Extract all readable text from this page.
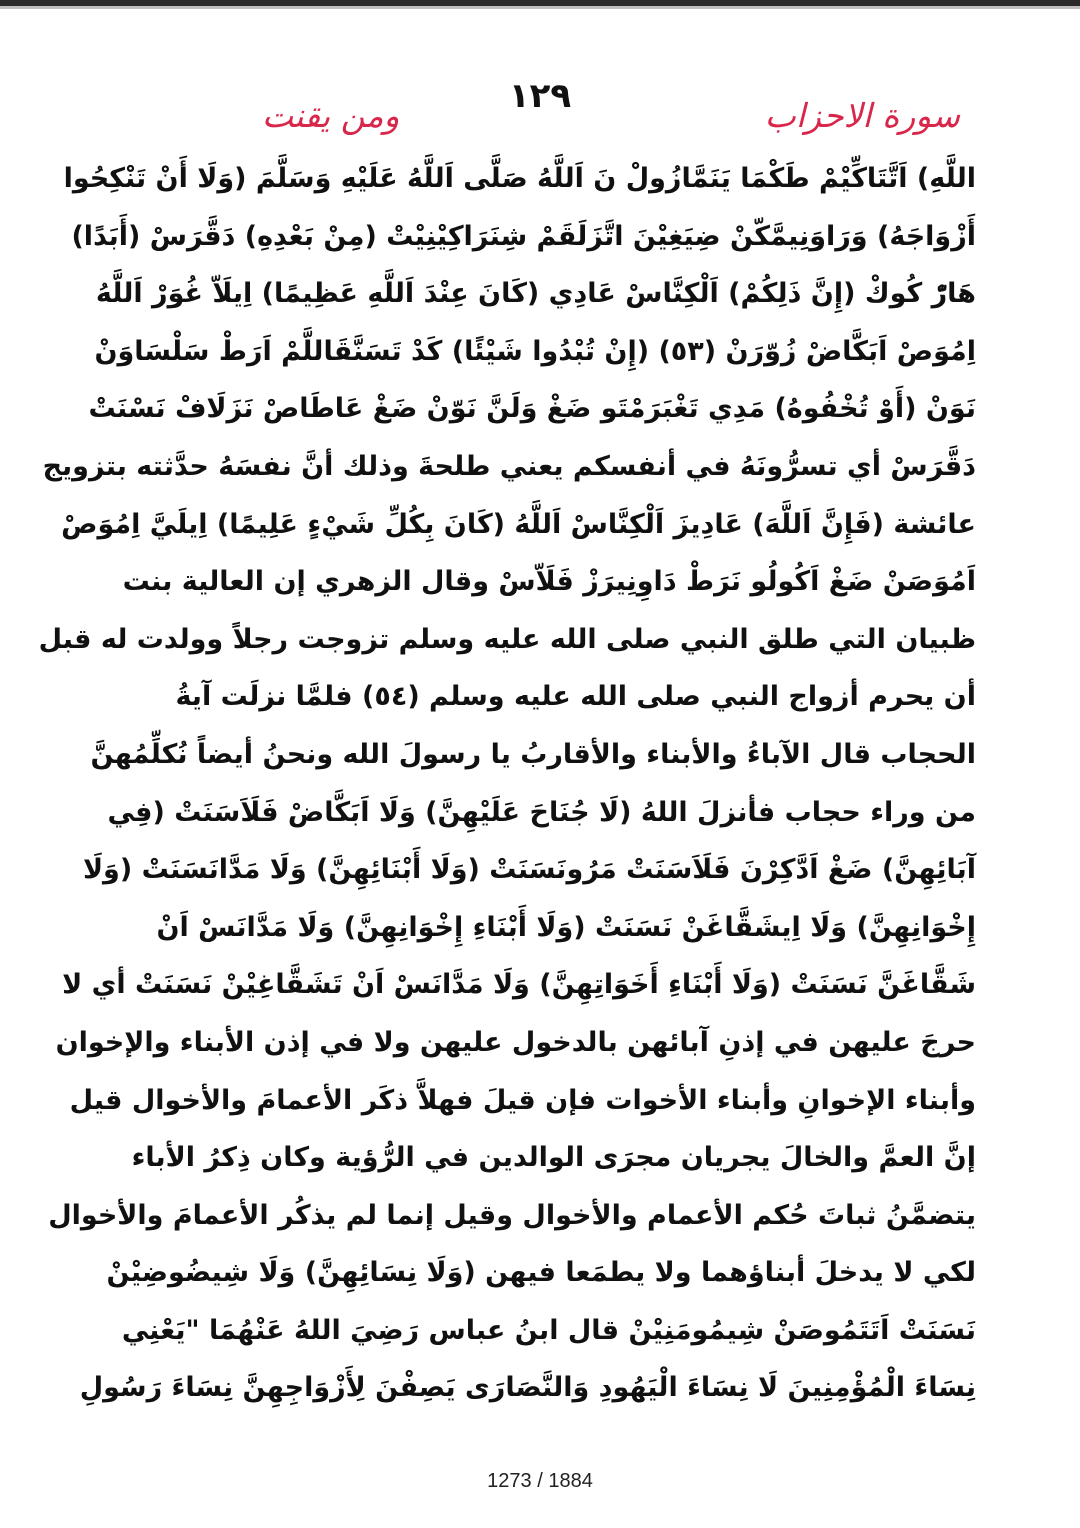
١٢٩	سورة الاحزاب
ومن يقنت
اللَّهِ) اَتَّتَاكِّيْمْ طَكْمَا يَنَمَّازُولْ نَ اَللَّهُ صَلَّى اَللَّهُ عَلَيْهِ وَسَلَّمَ (وَلَا أَنْ تَنْكِحُوا
أَزْوَاجَهُ) وَرَاوَنِيمَّكّنْ ضِيَغِيْنَ اتَّزَلَقَمْ شِنَرَاكِيْنِيْتْ (مِنْ بَعْدِهِ) دَقَّرَسْ (أَبَدًا)
هَارّْ كُوكْ (إِنَّ ذَلِكُمْ) اَلْكِنَّاسْ عَادِي (كَانَ عِنْدَ اَللَّهِ عَظِيمًا) اِيلَاّ غُوَرْ اَللَّهُ
اِمُوَصْ اَبَكَّاضْ زُوّرَنْ (٥٣) (إِنْ تُبْدُوا شَيْئًا) كَدْ تَسَنَّقَاللَّمْ اَرَطْ سَلْسَاوَنْ
نَوَنْ (أَوْ تُخْفُوهُ) مَدِي تَغْبَرَمْتَو ضَغْ وَلَنَّ نَوّنْ ضَغْ عَاطَاصْ نَزَلَافْ نَسْنَتْ
دَقَّرَسْ أي تسرُّونَهُ في أنفسكم يعني طلحةَ وذلك أنَّ نفسَهُ حدَّثته بتزويج
عائشة (فَإِنَّ اَللَّهَ) عَادِيزَ اَلْكِنَّاسْ اَللَّهُ (كَانَ بِكُلِّ شَيْءٍ عَلِيمًا) اِيلَيَّ اِمُوَصْ
اَمُوَصَنْ ضَغْ اَكُولُو نَرَطْ دَاوِنِيرَزْ فَلَاّسْ وقال الزهري إن العالية بنت
ظبيان التي طلق النبي صلى الله عليه وسلم تزوجت رجلاً وولدت له قبل
أن يحرم أزواج النبي صلى الله عليه وسلم (٥٤) فلمَّا نزلَت آيةُ
الحجاب قال الآباءُ والأبناء والأقاربُ يا رسولَ الله ونحنُ أيضاً نُكلِّمُهنَّ
من وراء حجاب فأنزلَ اللهُ (لَا جُنَاحَ عَلَيْهِنَّ) وَلَا اَبَكَّاضْ فَلَاَسَنَتْ (فِي
آبَائِهِنَّ) ضَغْ اَدَّكِرْنَ فَلَاَسَنَتْ مَرُونَسَنَتْ (وَلَا أَبْنَائِهِنَّ) وَلَا مَدَّانَسَنَتْ (وَلَا
إِخْوَانِهِنَّ) وَلَا اِيشَقَّاغَنْ نَسَنَتْ (وَلَا أَبْنَاءِ إِخْوَانِهِنَّ) وَلَا مَدَّانَسْ اَنْ
شَقَّاغَنَّ نَسَنَتْ (وَلَا أَبْنَاءِ أَخَوَاتِهِنَّ) وَلَا مَدَّانَسْ اَنْ تَشَقَّاغِيْنْ نَسَنَتْ أي لا
حرجَ عليهن في إذنِ آبائهن بالدخول عليهن ولا في إذن الأبناء والإخوان
وأبناء الإخوانِ وأبناء الأخوات فإن قيلَ فهلاَّ ذكَر الأعمامَ والأخوال قيل
إنَّ العمَّ والخالَ يجريان مجرَى الوالدين في الرُّؤية وكان ذِكرُ الأباء
يتضمَّنُ ثباتَ حُكم الأعمام والأخوال وقيل إنما لم يذكُر الأعمامَ والأخوال
لكي لا يدخلَ أبناؤهما ولا يطمَعا فيهن (وَلَا نِسَائِهِنَّ) وَلَا شِيضُوضِيْنْ
نَسَنَتْ اَتَتَمُوصَنْ شِيمُومَنِيْنْ قال ابنُ عباس رَضِيَ اللهُ عَنْهُمَا "يَعْنِي
نِسَاءَ الْمُؤْمِنِينَ لَا نِسَاءَ الْيَهُودِ وَالنَّصَارَى يَصِفْنَ لِأَزْوَاجِهِنَّ نِسَاءَ رَسُولِ
1273 / 1884
